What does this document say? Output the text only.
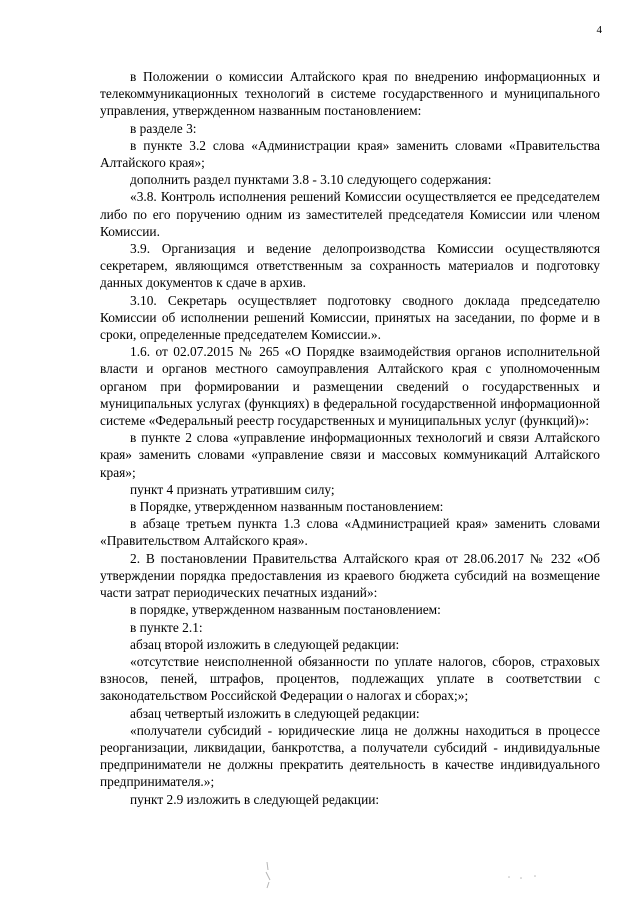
4

в Положении о комиссии Алтайского края по внедрению информационных и телекоммуникационных технологий в системе государственного и муниципального управления, утвержденном названным постановлением:

в разделе 3:

в пункте 3.2 слова «Администрации края» заменить словами «Правительства Алтайского края»;

дополнить раздел пунктами 3.8 - 3.10 следующего содержания:

«3.8. Контроль исполнения решений Комиссии осуществляется ее председателем либо по его поручению одним из заместителей председателя Комиссии или членом Комиссии.

3.9. Организация и ведение делопроизводства Комиссии осуществляются секретарем, являющимся ответственным за сохранность материалов и подготовку данных документов к сдаче в архив.

3.10. Секретарь осуществляет подготовку сводного доклада председателю Комиссии об исполнении решений Комиссии, принятых на заседании, по форме и в сроки, определенные председателем Комиссии.».

1.6. от 02.07.2015 № 265 «О Порядке взаимодействия органов исполнительной власти и органов местного самоуправления Алтайского края с уполномоченным органом при формировании и размещении сведений о государственных и муниципальных услугах (функциях) в федеральной государственной информационной системе «Федеральный реестр государственных и муниципальных услуг (функций)»:

в пункте 2 слова «управление информационных технологий и связи Алтайского края» заменить словами «управление связи и массовых коммуникаций Алтайского края»;

пункт 4 признать утратившим силу;

в Порядке, утвержденном названным постановлением:

в абзаце третьем пункта 1.3 слова «Администрацией края» заменить словами «Правительством Алтайского края».

2. В постановлении Правительства Алтайского края от 28.06.2017 № 232 «Об утверждении порядка предоставления из краевого бюджета субсидий на возмещение части затрат периодических печатных изданий»:

в порядке, утвержденном названным постановлением:

в пункте 2.1:

абзац второй изложить в следующей редакции:

«отсутствие неисполненной обязанности по уплате налогов, сборов, страховых взносов, пеней, штрафов, процентов, подлежащих уплате в соответствии с законодательством Российской Федерации о налогах и сборах;»;

абзац четвертый изложить в следующей редакции:

«получатели субсидий - юридические лица не должны находиться в процессе реорганизации, ликвидации, банкротства, а получатели субсидий - индивидуальные предприниматели не должны прекратить деятельность в качестве индивидуального предпринимателя.»;

пункт 2.9 изложить в следующей редакции:
